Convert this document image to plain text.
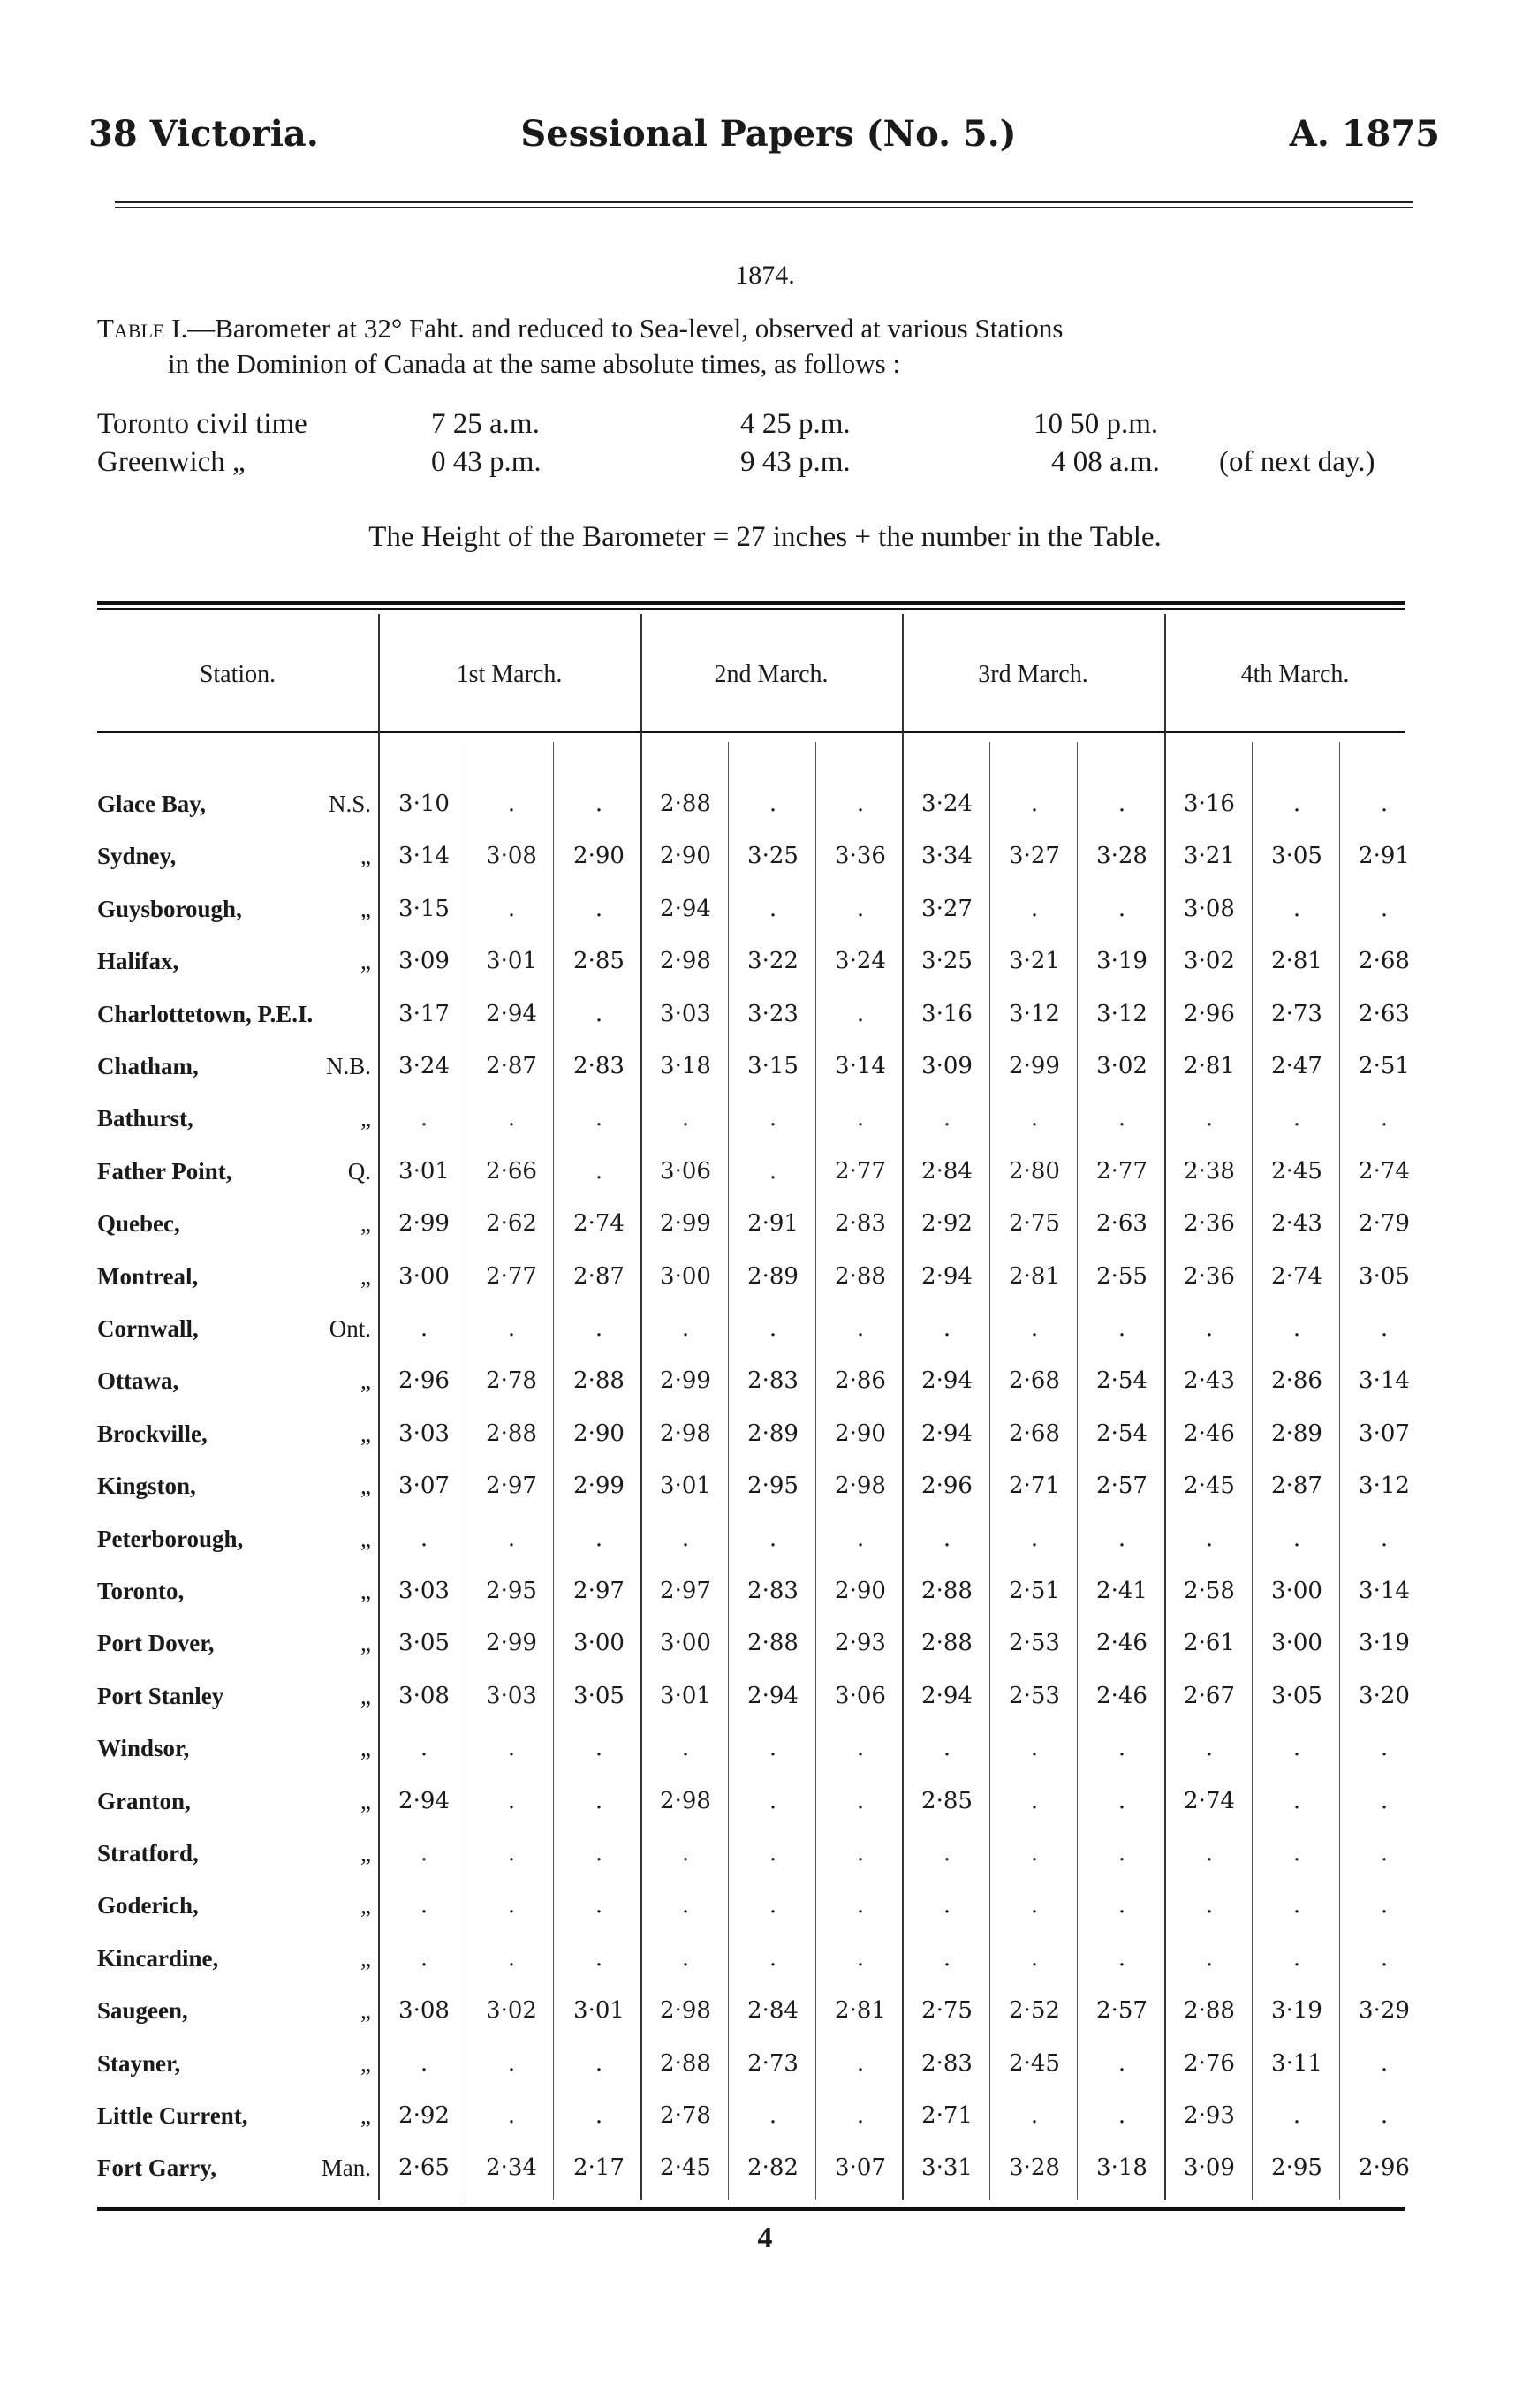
38 Victoria.	Sessional Papers (No. 5.)	A. 1875
1874.
Table I.—Barometer at 32° Faht. and reduced to Sea-level, observed at various Stations
in the Dominion of Canada at the same absolute times, as follows :
Toronto civil time	7 25 a.m.	4 25 p.m.	10 50 p.m.
Greenwich „	0 43 p.m.	9 43 p.m.	4 08 a.m. (of next day.)
The Height of the Barometer = 27 inches + the number in the Table.
Station.	1st March.	2nd March.	3rd March.	4th March.
Glace Bay,	N.S.	3·10	.	.	2·88	.	.	3·24	.	.	3·16	.	.
Sydney,	„	3·14	3·08	2·90	2·90	3·25	3·36	3·34	3·27	3·28	3·21	3·05	2·91
Guysborough,	„	3·15	.	.	2·94	.	.	3·27	.	.	3·08	.	.
Halifax,	„	3·09	3·01	2·85	2·98	3·22	3·24	3·25	3·21	3·19	3·02	2·81	2·68
Charlottetown, P.E.I.	3·17	2·94	.	3·03	3·23	.	3·16	3·12	3·12	2·96	2·73	2·63
Chatham,	N.B.	3·24	2·87	2·83	3·18	3·15	3·14	3·09	2·99	3·02	2·81	2·47	2·51
Bathurst,	„	.	.	.	.	.	.	.	.	.	.	.	.
Father Point,	Q.	3·01	2·66	.	3·06	.	2·77	2·84	2·80	2·77	2·38	2·45	2·74
Quebec,	„	2·99	2·62	2·74	2·99	2·91	2·83	2·92	2·75	2·63	2·36	2·43	2·79
Montreal,	„	3·00	2·77	2·87	3·00	2·89	2·88	2·94	2·81	2·55	2·36	2·74	3·05
Cornwall,	Ont.	.	.	.	.	.	.	.	.	.	.	.	.
Ottawa,	„	2·96	2·78	2·88	2·99	2·83	2·86	2·94	2·68	2·54	2·43	2·86	3·14
Brockville,	„	3·03	2·88	2·90	2·98	2·89	2·90	2·94	2·68	2·54	2·46	2·89	3·07
Kingston,	„	3·07	2·97	2·99	3·01	2·95	2·98	2·96	2·71	2·57	2·45	2·87	3·12
Peterborough,	„	.	.	.	.	.	.	.	.	.	.	.	.
Toronto,	„	3·03	2·95	2·97	2·97	2·83	2·90	2·88	2·51	2·41	2·58	3·00	3·14
Port Dover,	„	3·05	2·99	3·00	3·00	2·88	2·93	2·88	2·53	2·46	2·61	3·00	3·19
Port Stanley	„	3·08	3·03	3·05	3·01	2·94	3·06	2·94	2·53	2·46	2·67	3·05	3·20
Windsor,	„	.	.	.	.	.	.	.	.	.	.	.	.
Granton,	„	2·94	.	.	2·98	.	.	2·85	.	.	2·74	.	.
Stratford,	„	.	.	.	.	.	.	.	.	.	.	.	.
Goderich,	„	.	.	.	.	.	.	.	.	.	.	.	.
Kincardine,	„	.	.	.	.	.	.	.	.	.	.	.	.
Saugeen,	„	3·08	3·02	3·01	2·98	2·84	2·81	2·75	2·52	2·57	2·88	3·19	3·29
Stayner,	„	.	.	.	2·88	2·73	.	2·83	2·45	.	2·76	3·11	.
Little Current,	„	2·92	.	.	2·78	.	.	2·71	.	.	2·93	.	.
Fort Garry,	Man.	2·65	2·34	2·17	2·45	2·82	3·07	3·31	3·28	3·18	3·09	2·95	2·96
4
